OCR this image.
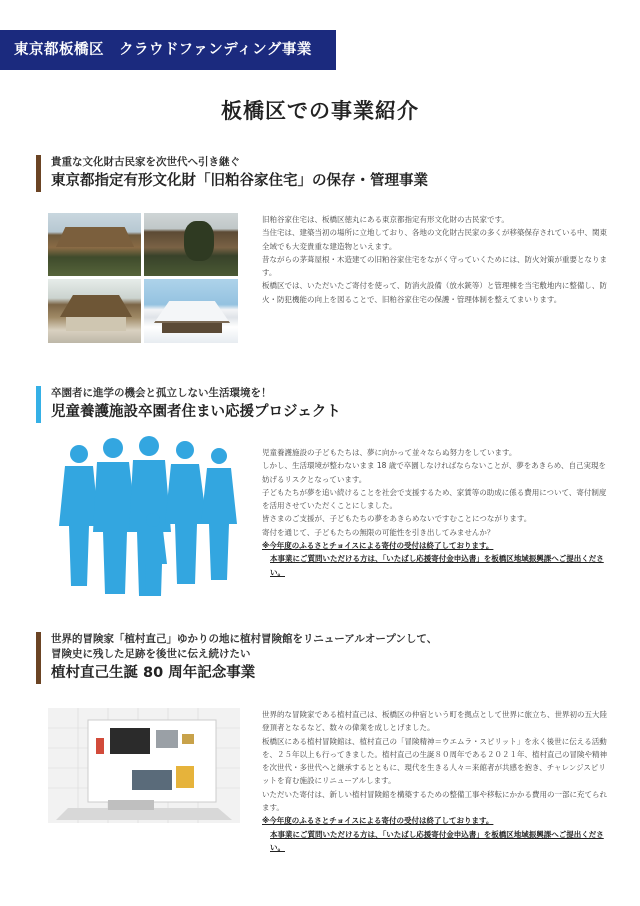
東京都板橋区　クラウドファンディング事業
板橋区での事業紹介
貴重な文化財古民家を次世代へ引き継ぐ
東京都指定有形文化財「旧粕谷家住宅」の保存・管理事業

旧粕谷家住宅は、板橋区徳丸にある東京都指定有形文化財の古民家です。

当住宅は、建築当初の場所に立地しており、各地の文化財古民家の多くが移築保存されている中、関東全域でも大変貴重な建造物といえます。

昔ながらの茅葺屋根・木造建ての旧粕谷家住宅をながく守っていくためには、防火対策が重要となります。

板橋区では、いただいたご寄付を使って、防消火設備（放水銃等）と管理棟を当宅敷地内に整備し、防火・防犯機能の向上を図ることで、旧粕谷家住宅の保護・管理体制を整えてまいります。

卒園者に進学の機会と孤立しない生活環境を！
児童養護施設卒園者住まい応援プロジェクト

児童養護施設の子どもたちは、夢に向かって並々ならぬ努力をしています。

しかし、生活環境が整わないまま 18 歳で卒園しなければならないことが、夢をあきらめ、自己実現を妨げるリスクとなっています。

子どもたちが夢を追い続けることを社会で支援するため、家賃等の助成に係る費用について、寄付制度を活用させていただくことにしました。

皆さまのご支援が、子どもたちの夢をあきらめないですむことにつながります。

寄付を通じて、子どもたちの無限の可能性を引き出してみませんか？

※今年度のふるさとチョイスによる寄付の受付は終了しております。
本事業にご質問いただける方は、「いたばし応援寄付金申込書」を板橋区地域振興課へご提出ください。
世界的冒険家「植村直己」ゆかりの地に植村冒険館をリニューアルオープンして、
冒険史に残した足跡を後世に伝え続けたい
植村直己生誕 80 周年記念事業

世界的な冒険家である植村直己は、板橋区の仲宿という町を拠点として世界に旅立ち、世界初の五大陸登頂者となるなど、数々の偉業を成しとげました。

板橋区にある植村冒険館は、植村直己の「冒険精神＝ウエムラ・スピリット」を永く後世に伝える活動を、２５年以上も行ってきました。植村直己の生誕８０周年である２０２１年、植村直己の冒険や精神を次世代・多世代へと継承するとともに、現代を生きる人々＝来館者が共感を抱き、チャレンジスピリットを育む施設にリニューアルします。

いただいた寄付は、新しい植村冒険館を構築するための整備工事や移転にかかる費用の一部に充てられます。

※今年度のふるさとチョイスによる寄付の受付は終了しております。
本事業にご質問いただける方は、「いたばし応援寄付金申込書」を板橋区地域振興課へご提出ください。
